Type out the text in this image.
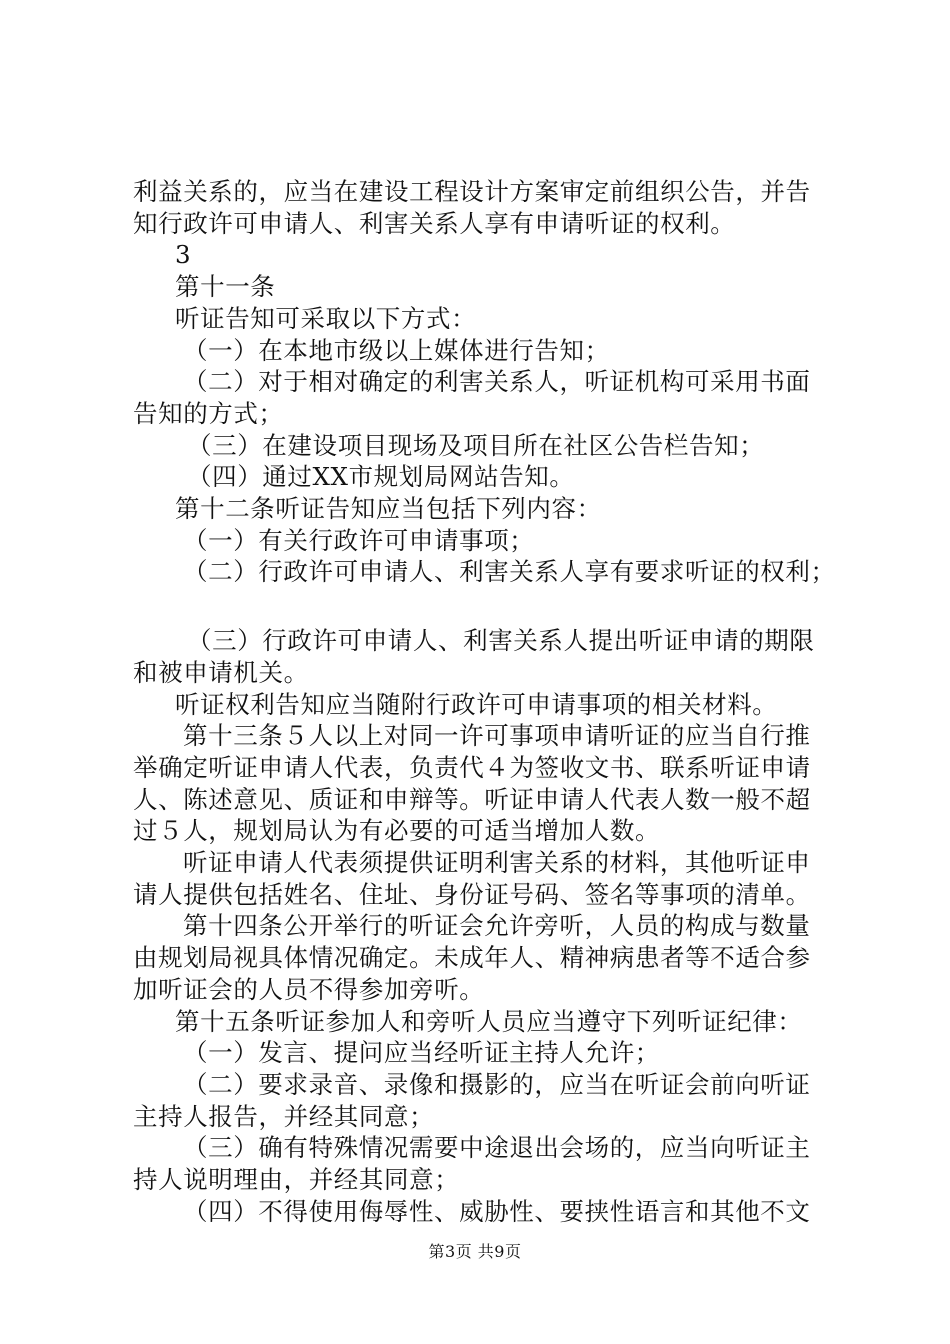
利益关系的，应当在建设工程设计方案审定前组织公告，并告

知行政许可申请人、利害关系人享有申请听证的权利。

3

第十一条

听证告知可采取以下方式：

（一）在本地市级以上媒体进行告知；

（二）对于相对确定的利害关系人，听证机构可采用书面

告知的方式；

（三）在建设项目现场及项目所在社区公告栏告知；

（四）通过XX市规划局网站告知。

第十二条听证告知应当包括下列内容：

（一）有关行政许可申请事项；

（二）行政许可申请人、利害关系人享有要求听证的权利；

（三）行政许可申请人、利害关系人提出听证申请的期限

和被申请机关。

听证权利告知应当随附行政许可申请事项的相关材料。

第十三条５人以上对同一许可事项申请听证的应当自行推

举确定听证申请人代表，负责代４为签收文书、联系听证申请

人、陈述意见、质证和申辩等。听证申请人代表人数一般不超

过５人，规划局认为有必要的可适当增加人数。

听证申请人代表须提供证明利害关系的材料，其他听证申

请人提供包括姓名、住址、身份证号码、签名等事项的清单。

第十四条公开举行的听证会允许旁听，人员的构成与数量

由规划局视具体情况确定。未成年人、精神病患者等不适合参

加听证会的人员不得参加旁听。

第十五条听证参加人和旁听人员应当遵守下列听证纪律：

（一）发言、提问应当经听证主持人允许；

（二）要求录音、录像和摄影的，应当在听证会前向听证

主持人报告，并经其同意；

（三）确有特殊情况需要中途退出会场的，应当向听证主

持人说明理由，并经其同意；

（四）不得使用侮辱性、威胁性、要挟性语言和其他不文

第3页 共9页
